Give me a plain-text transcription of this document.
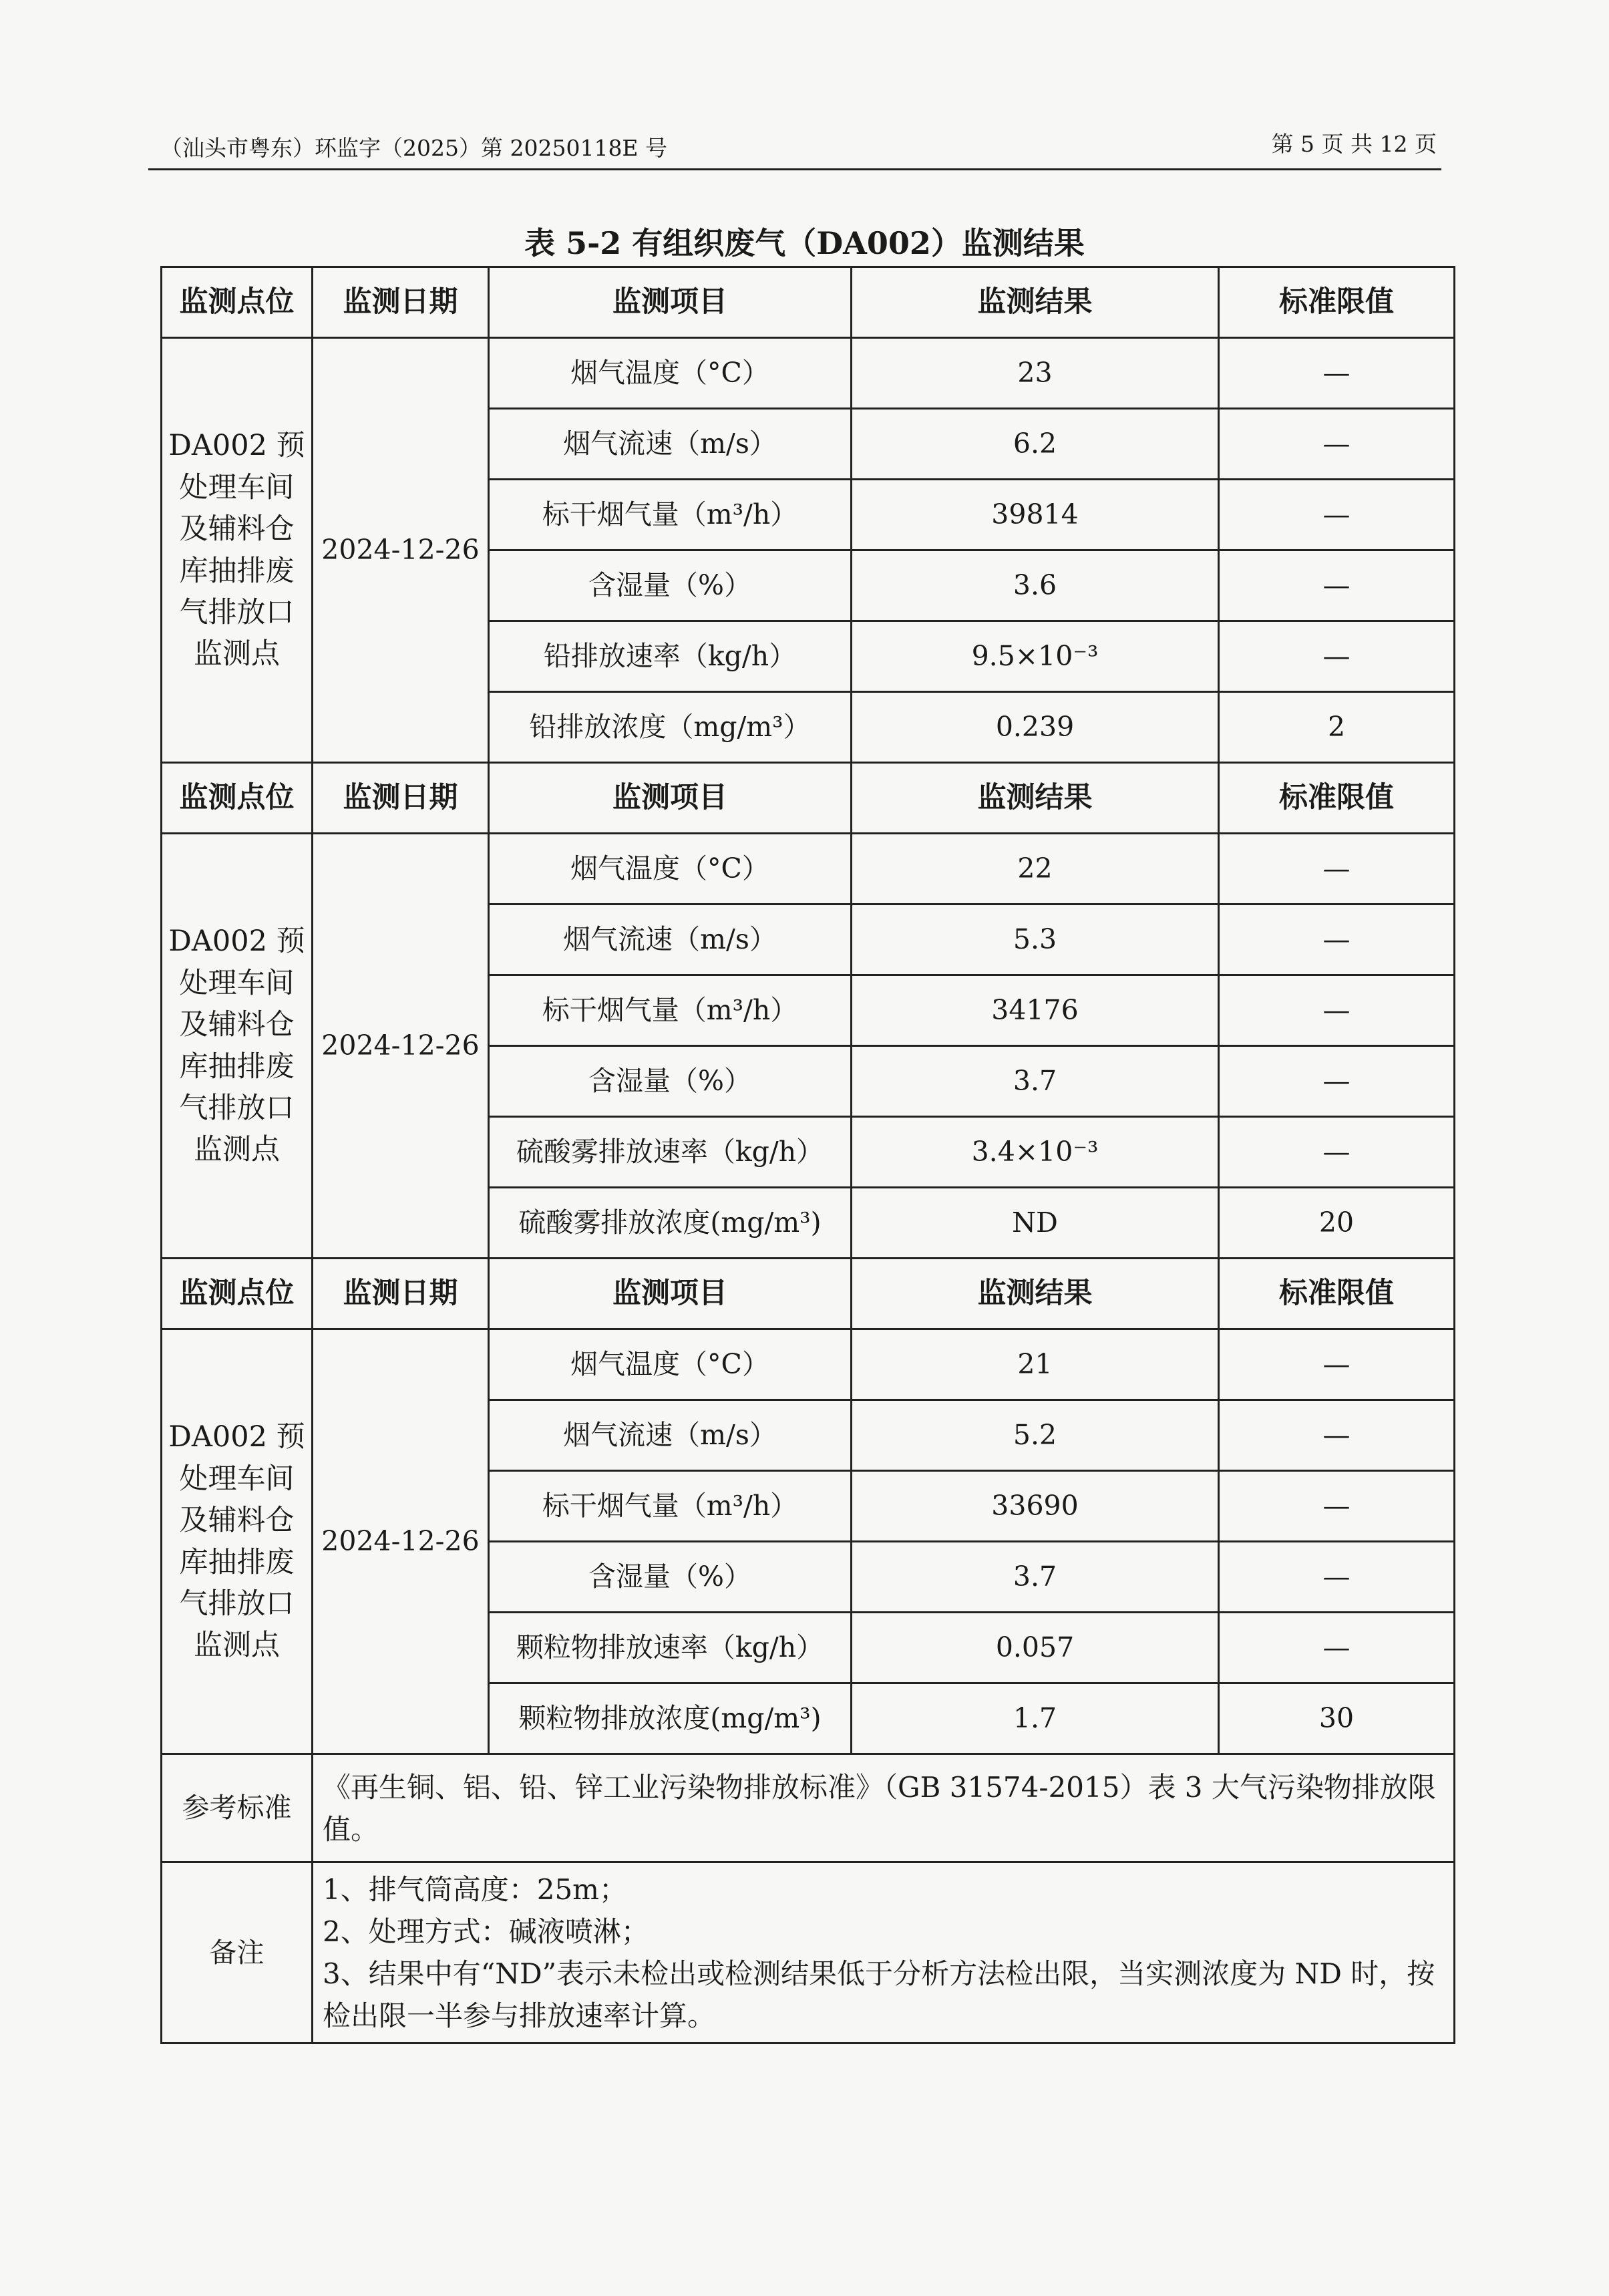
（汕头市粤东）环监字（2025）第 20250118E 号	第 5 页 共 12 页
表 5-2 有组织废气（DA002）监测结果
监测点位	监测日期	监测项目	监测结果	标准限值
DA002 预处理车间及辅料仓库抽排废气排放口监测点	2024-12-26	烟气温度（°C）	23	—
		烟气流速（m/s）	6.2	—
		标干烟气量（m³/h）	39814	—
		含湿量（%）	3.6	—
		铅排放速率（kg/h）	9.5×10⁻³	—
		铅排放浓度（mg/m³）	0.239	2
监测点位	监测日期	监测项目	监测结果	标准限值
DA002 预处理车间及辅料仓库抽排废气排放口监测点	2024-12-26	烟气温度（°C）	22	—
		烟气流速（m/s）	5.3	—
		标干烟气量（m³/h）	34176	—
		含湿量（%）	3.7	—
		硫酸雾排放速率（kg/h）	3.4×10⁻³	—
		硫酸雾排放浓度(mg/m³)	ND	20
监测点位	监测日期	监测项目	监测结果	标准限值
DA002 预处理车间及辅料仓库抽排废气排放口监测点	2024-12-26	烟气温度（°C）	21	—
		烟气流速（m/s）	5.2	—
		标干烟气量（m³/h）	33690	—
		含湿量（%）	3.7	—
		颗粒物排放速率（kg/h）	0.057	—
		颗粒物排放浓度(mg/m³)	1.7	30
参考标准	《再生铜、铝、铅、锌工业污染物排放标准》（GB 31574-2015）表 3 大气污染物排放限值。			
备注	1、排气筒高度：25m；
2、处理方式：碱液喷淋；
3、结果中有“ND”表示未检出或检测结果低于分析方法检出限，当实测浓度为 ND 时，按检出限一半参与排放速率计算。			
